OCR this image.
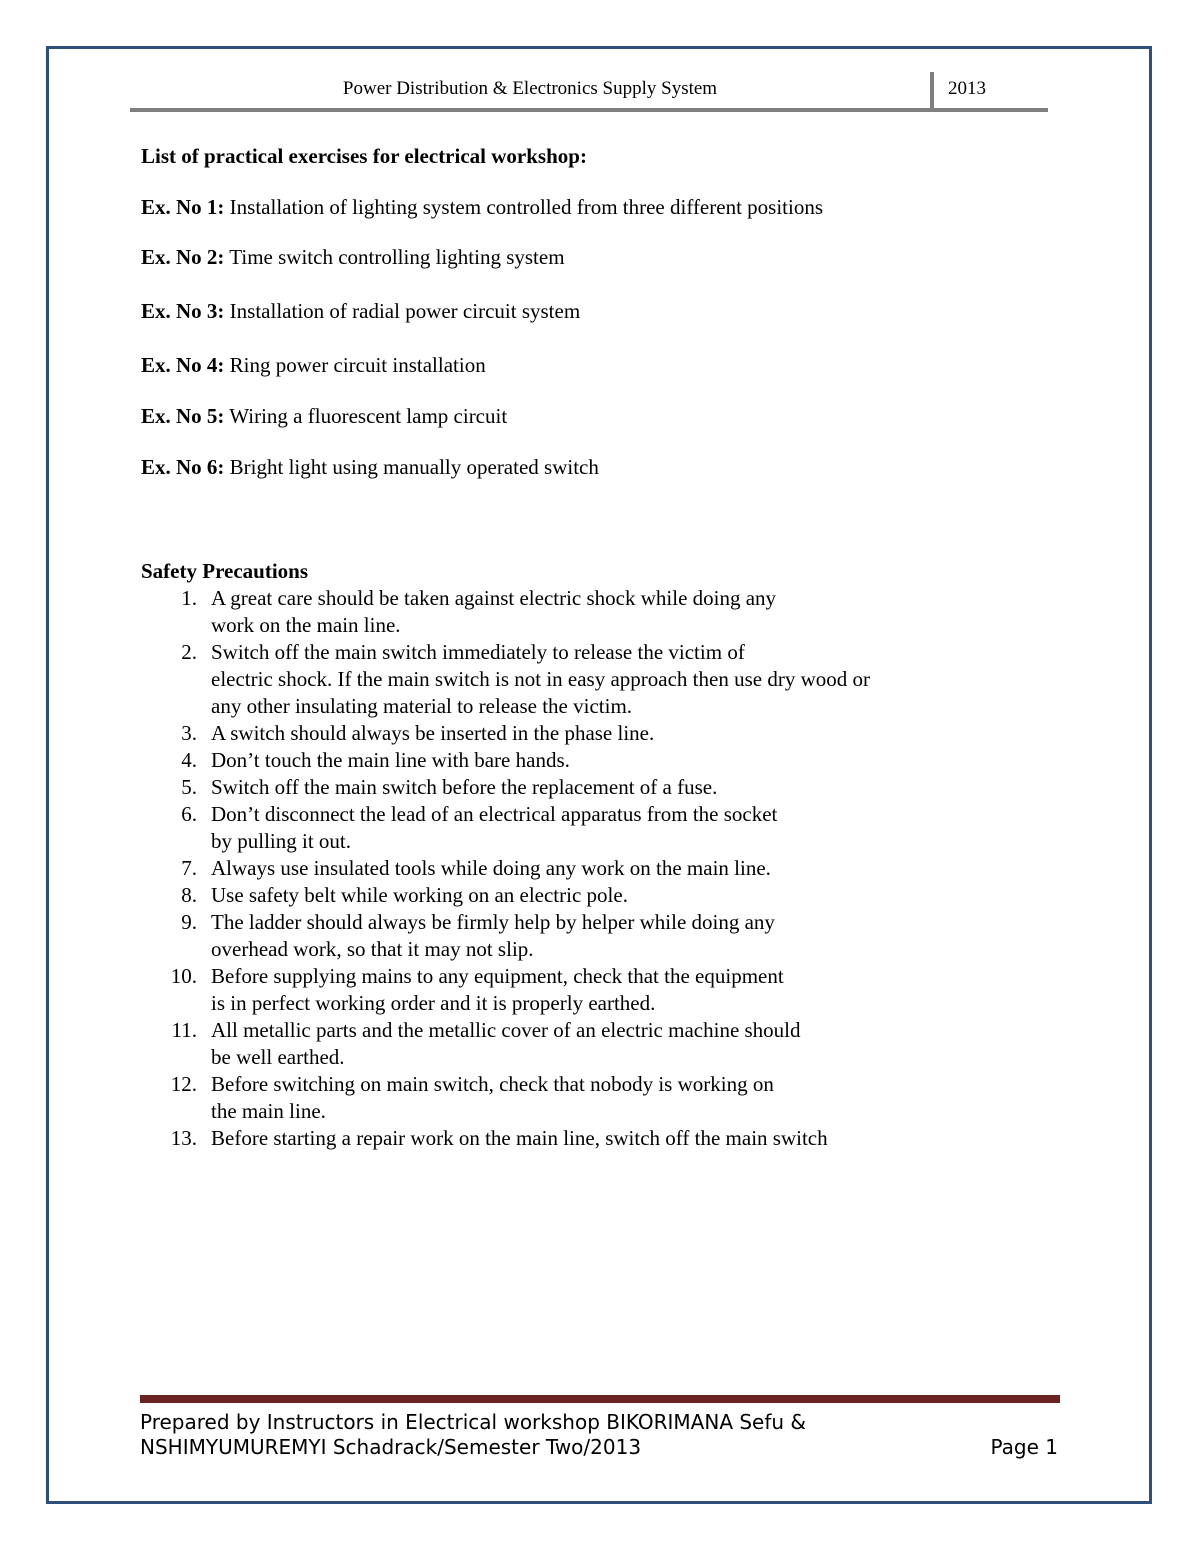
Power Distribution & Electronics Supply System	2013
List of practical exercises for electrical workshop:
Ex. No 1: Installation of lighting system controlled from three different positions
Ex. No 2: Time switch controlling lighting system
Ex. No 3: Installation of radial power circuit system
Ex. No 4: Ring power circuit installation
Ex. No 5: Wiring a fluorescent lamp circuit
Ex. No 6: Bright light using manually operated switch
Safety Precautions
1. A great care should be taken against electric shock while doing any
work on the main line.
2. Switch off the main switch immediately to release the victim of
electric shock. If the main switch is not in easy approach then use dry wood or
any other insulating material to release the victim.
3. A switch should always be inserted in the phase line.
4. Don’t touch the main line with bare hands.
5. Switch off the main switch before the replacement of a fuse.
6. Don’t disconnect the lead of an electrical apparatus from the socket
by pulling it out.
7. Always use insulated tools while doing any work on the main line.
8. Use safety belt while working on an electric pole.
9. The ladder should always be firmly help by helper while doing any
overhead work, so that it may not slip.
10. Before supplying mains to any equipment, check that the equipment
is in perfect working order and it is properly earthed.
11. All metallic parts and the metallic cover of an electric machine should
be well earthed.
12. Before switching on main switch, check that nobody is working on
the main line.
13. Before starting a repair work on the main line, switch off the main switch
Prepared by Instructors in Electrical workshop BIKORIMANA Sefu &
NSHIMYUMUREMYI Schadrack/Semester Two/2013	Page 1
